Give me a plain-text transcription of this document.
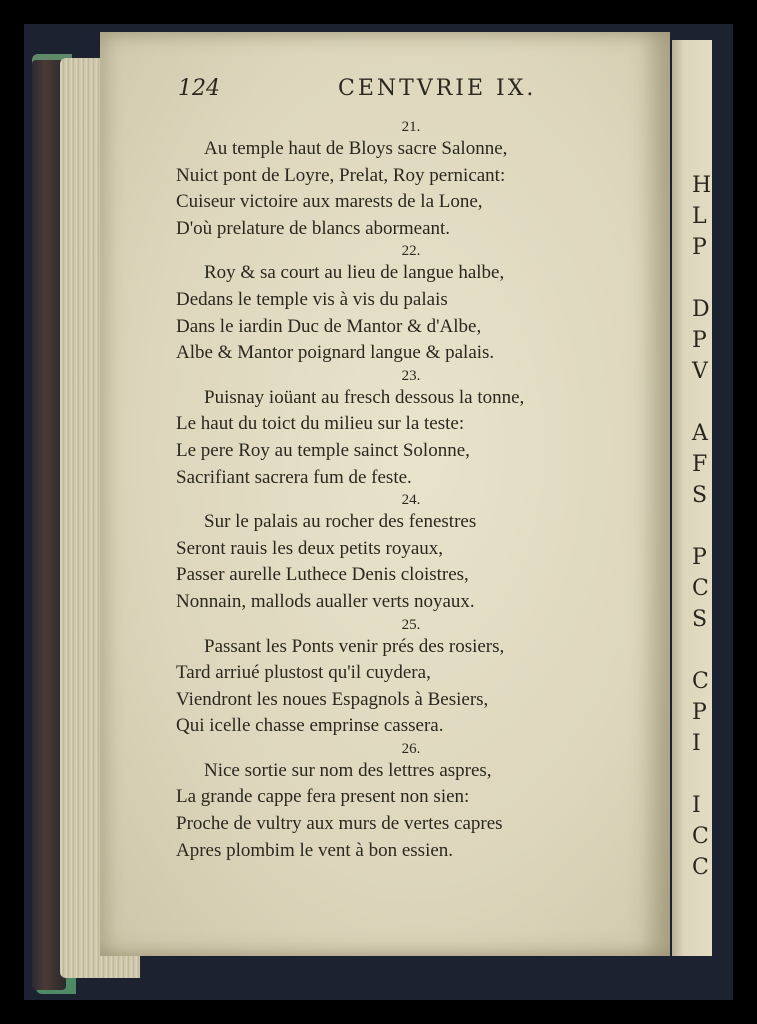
H
L
P
D
P
V
A
F
S
P
C
S
C
P
I
I
C
C
124	CENTVRIE IX.
21.
Au temple haut de Bloys sacre Salonne,
Nuict pont de Loyre, Prelat, Roy pernicant:
Cuiseur victoire aux marests de la Lone,
D'où prelature de blancs abormeant.
22.
Roy & sa court au lieu de langue halbe,
Dedans le temple vis à vis du palais
Dans le iardin Duc de Mantor & d'Albe,
Albe & Mantor poignard langue & palais.
23.
Puisnay ioüant au fresch dessous la tonne,
Le haut du toict du milieu sur la teste:
Le pere Roy au temple sainct Solonne,
Sacrifiant sacrera fum de feste.
24.
Sur le palais au rocher des fenestres
Seront rauis les deux petits royaux,
Passer aurelle Luthece Denis cloistres,
Nonnain, mallods aualler verts noyaux.
25.
Passant les Ponts venir prés des rosiers,
Tard arriué plustost qu'il cuydera,
Viendront les noues Espagnols à Besiers,
Qui icelle chasse emprinse cassera.
26.
Nice sortie sur nom des lettres aspres,
La grande cappe fera present non sien:
Proche de vultry aux murs de vertes capres
Apres plombim le vent à bon essien.
